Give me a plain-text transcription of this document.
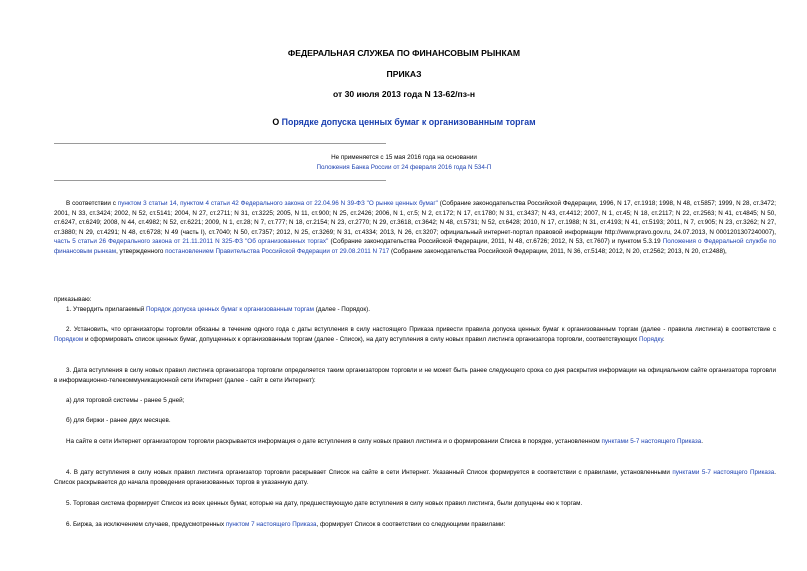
ФЕДЕРАЛЬНАЯ СЛУЖБА ПО ФИНАНСОВЫМ РЫНКАМ
ПРИКАЗ
от 30 июля 2013 года N 13-62/пз-н
О Порядке допуска ценных бумаг к организованным торгам
Не применяется с 15 мая 2016 года на основании
Положения Банка России от 24 февраля 2016 года N 534-П
В соответствии с пунктом 3 статьи 14, пунктом 4 статьи 42 Федерального закона от 22.04.96 N 39-ФЗ "О рынке ценных бумаг" (Собрание законодательства Российской Федерации, 1996, N 17, ст.1918; 1998, N 48, ст.5857; 1999, N 28, ст.3472; 2001, N 33, ст.3424; 2002, N 52, ст.5141; 2004, N 27, ст.2711; N 31, ст.3225; 2005, N 11, ст.900; N 25, ст.2426; 2006, N 1, ст.5; N 2, ст.172; N 17, ст.1780; N 31, ст.3437; N 43, ст.4412; 2007, N 1, ст.45; N 18, ст.2117; N 22, ст.2563; N 41, ст.4845; N 50, ст.6247, ст.6249; 2008, N 44, ст.4982; N 52, ст.6221; 2009, N 1, ст.28; N 7, ст.777; N 18, ст.2154; N 23, ст.2770; N 29, ст.3618, ст.3642; N 48, ст.5731; N 52, ст.6428; 2010, N 17, ст.1988; N 31, ст.4193; N 41, ст.5193; 2011, N 7, ст.905; N 23, ст.3262; N 27, ст.3880; N 29, ст.4291; N 48, ст.6728; N 49 (часть I), ст.7040; N 50, ст.7357; 2012, N 25, ст.3269; N 31, ст.4334; 2013, N 26, ст.3207; официальный интернет-портал правовой информации http://www.pravo.gov.ru, 24.07.2013, N 0001201307240007), часть 5 статьи 26 Федерального закона от 21.11.2011 N 325-ФЗ "Об организованных торгах" (Собрание законодательства Российской Федерации, 2011, N 48, ст.6726; 2012, N 53, ст.7607) и пунктом 5.3.19 Положения о Федеральной службе по финансовым рынкам, утвержденного постановлением Правительства Российской Федерации от 29.08.2011 N 717 (Собрание законодательства Российской Федерации, 2011, N 36, ст.5148; 2012, N 20, ст.2562; 2013, N 20, ст.2488),
приказываю:
1. Утвердить прилагаемый Порядок допуска ценных бумаг к организованным торгам (далее - Порядок).
2. Установить, что организаторы торговли обязаны в течение одного года с даты вступления в силу настоящего Приказа привести правила допуска ценных бумаг к организованным торгам (далее - правила листинга) в соответствие с Порядком и сформировать список ценных бумаг, допущенных к организованным торгам (далее - Список), на дату вступления в силу новых правил листинга организатора торговли, соответствующих Порядку.
3. Дата вступления в силу новых правил листинга организатора торговли определяется таким организатором торговли и не может быть ранее следующего срока со дня раскрытия информации на официальном сайте организатора торговли в информационно-телекоммуникационной сети Интернет (далее - сайт в сети Интернет):
а) для торговой системы - ранее 5 дней;
б) для биржи - ранее двух месяцев.
На сайте в сети Интернет организатором торговли раскрывается информация о дате вступления в силу новых правил листинга и о формировании Списка в порядке, установленном пунктами 5-7 настоящего Приказа.
4. В дату вступления в силу новых правил листинга организатор торговли раскрывает Список на сайте в сети Интернет. Указанный Список формируется в соответствии с правилами, установленными пунктами 5-7 настоящего Приказа. Список раскрывается до начала проведения организованных торгов в указанную дату.
5. Торговая система формирует Список из всех ценных бумаг, которые на дату, предшествующую дате вступления в силу новых правил листинга, были допущены ею к торгам.
6. Биржа, за исключением случаев, предусмотренных пунктом 7 настоящего Приказа, формирует Список в соответствии со следующими правилами:
